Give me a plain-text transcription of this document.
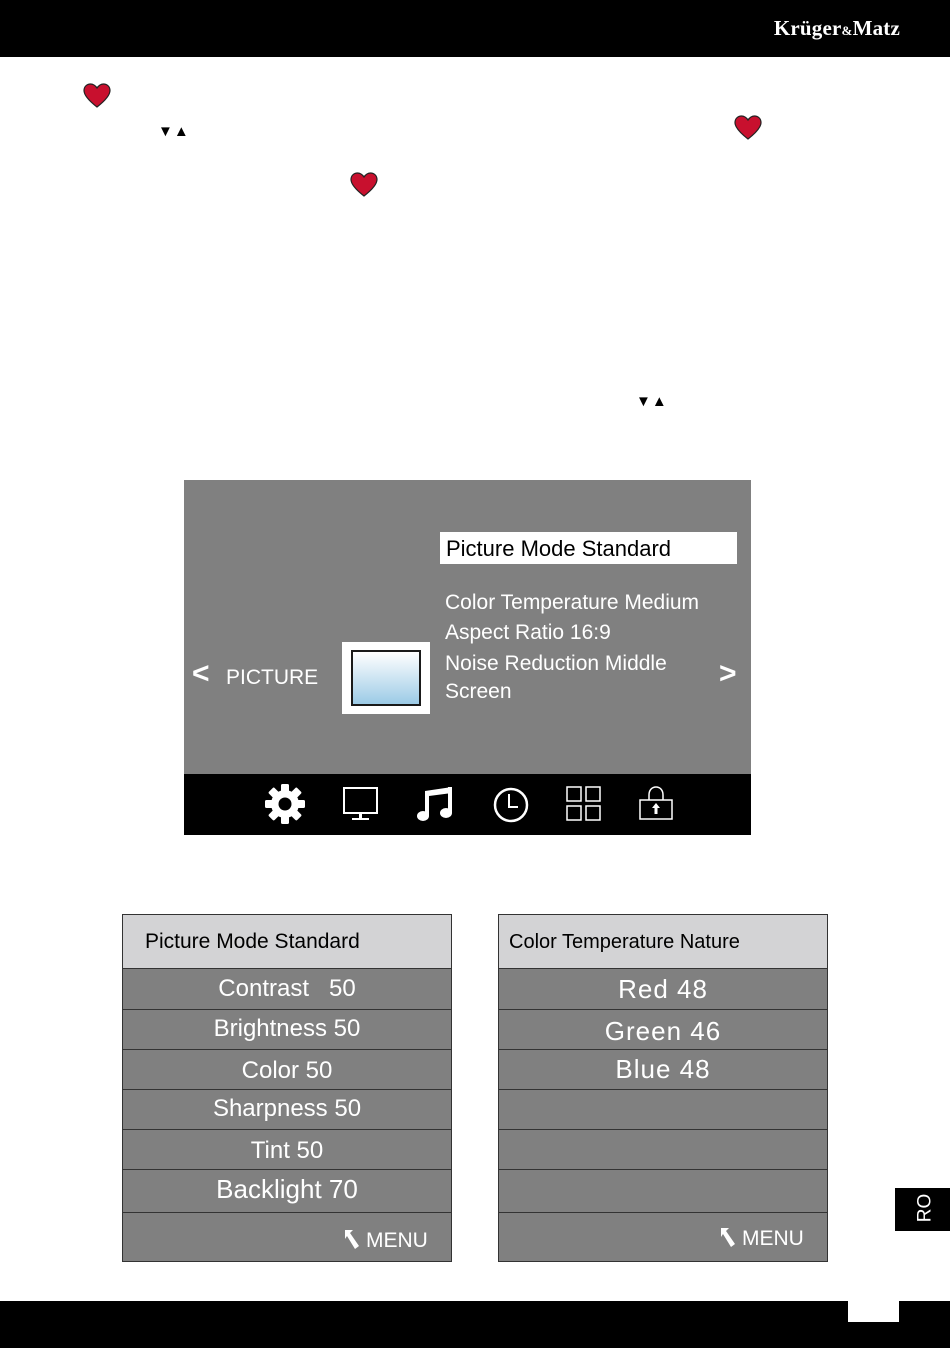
Krüger&Matz
▼▲
▼▲
Picture Mode Standard
Color Temperature Medium
Aspect Ratio 16:9
Noise Reduction Middle
Screen
< PICTURE	>
Picture Mode Standard
Contrast   50
Brightness 50
Color 50
Sharpness 50
Tint 50
Backlight 70
MENU
Color Temperature Nature
Red 48
Green 46
Blue 48
MENU
RO
